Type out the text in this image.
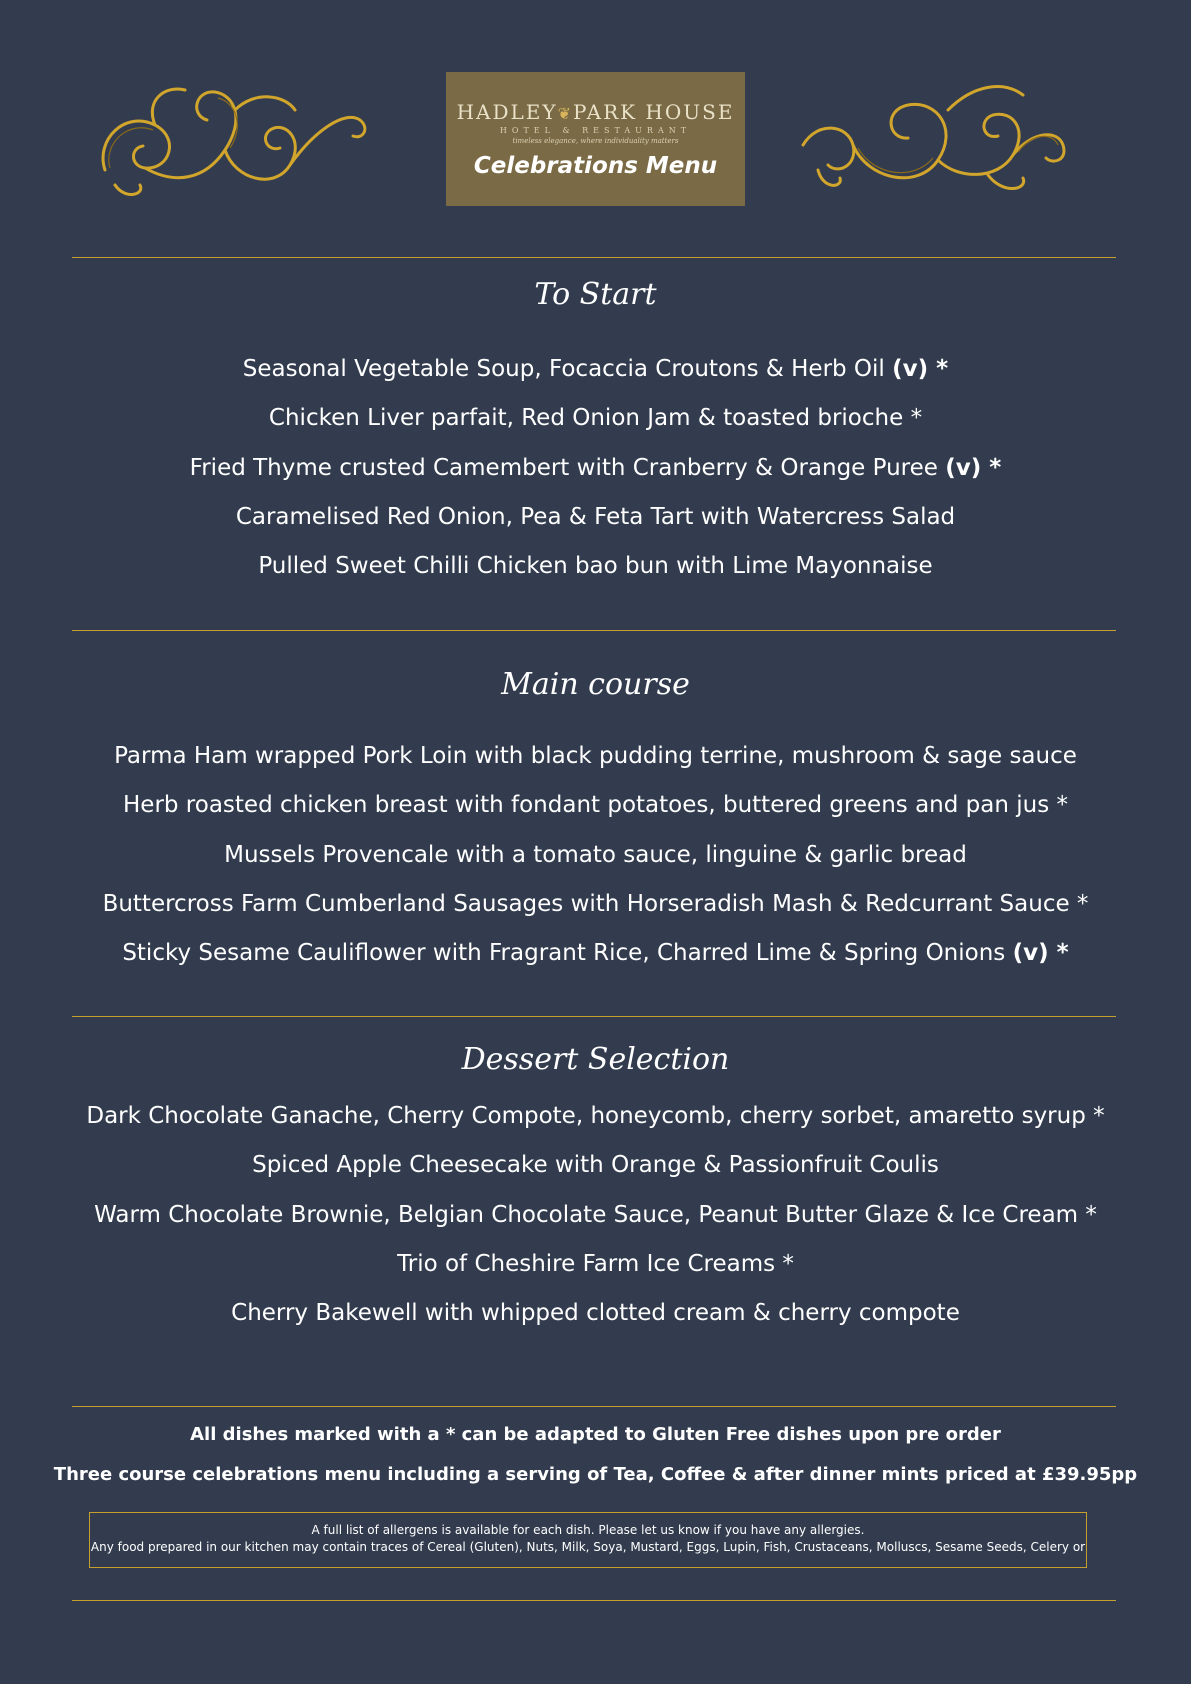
HADLEY❦PARK HOUSE
HOTEL & RESTAURANT
timeless elegance, where individuality matters
Celebrations Menu
To Start
Seasonal Vegetable Soup, Focaccia Croutons & Herb Oil (v) *
Chicken Liver parfait, Red Onion Jam & toasted brioche *
Fried Thyme crusted Camembert with Cranberry & Orange Puree (v) *
Caramelised Red Onion, Pea & Feta Tart with Watercress Salad
Pulled Sweet Chilli Chicken bao bun with Lime Mayonnaise
Main course
Parma Ham wrapped Pork Loin with black pudding terrine, mushroom & sage sauce
Herb roasted chicken breast with fondant potatoes, buttered greens and pan jus *
Mussels Provencale with a tomato sauce, linguine & garlic bread
Buttercross Farm Cumberland Sausages with Horseradish Mash & Redcurrant Sauce *
Sticky Sesame Cauliflower with Fragrant Rice, Charred Lime & Spring Onions (v) *
Dessert Selection
Dark Chocolate Ganache, Cherry Compote, honeycomb, cherry sorbet, amaretto syrup *
Spiced Apple Cheesecake with Orange & Passionfruit Coulis
Warm Chocolate Brownie, Belgian Chocolate Sauce, Peanut Butter Glaze & Ice Cream *
Trio of Cheshire Farm Ice Creams *
Cherry Bakewell with whipped clotted cream & cherry compote
All dishes marked with a * can be adapted to Gluten Free dishes upon pre order
Three course celebrations menu including a serving of Tea, Coffee & after dinner mints priced at £39.95pp
A full list of allergens is available for each dish. Please let us know if you have any allergies.
Any food prepared in our kitchen may contain traces of Cereal (Gluten), Nuts, Milk, Soya, Mustard, Eggs, Lupin, Fish, Crustaceans, Molluscs, Sesame Seeds, Celery or
